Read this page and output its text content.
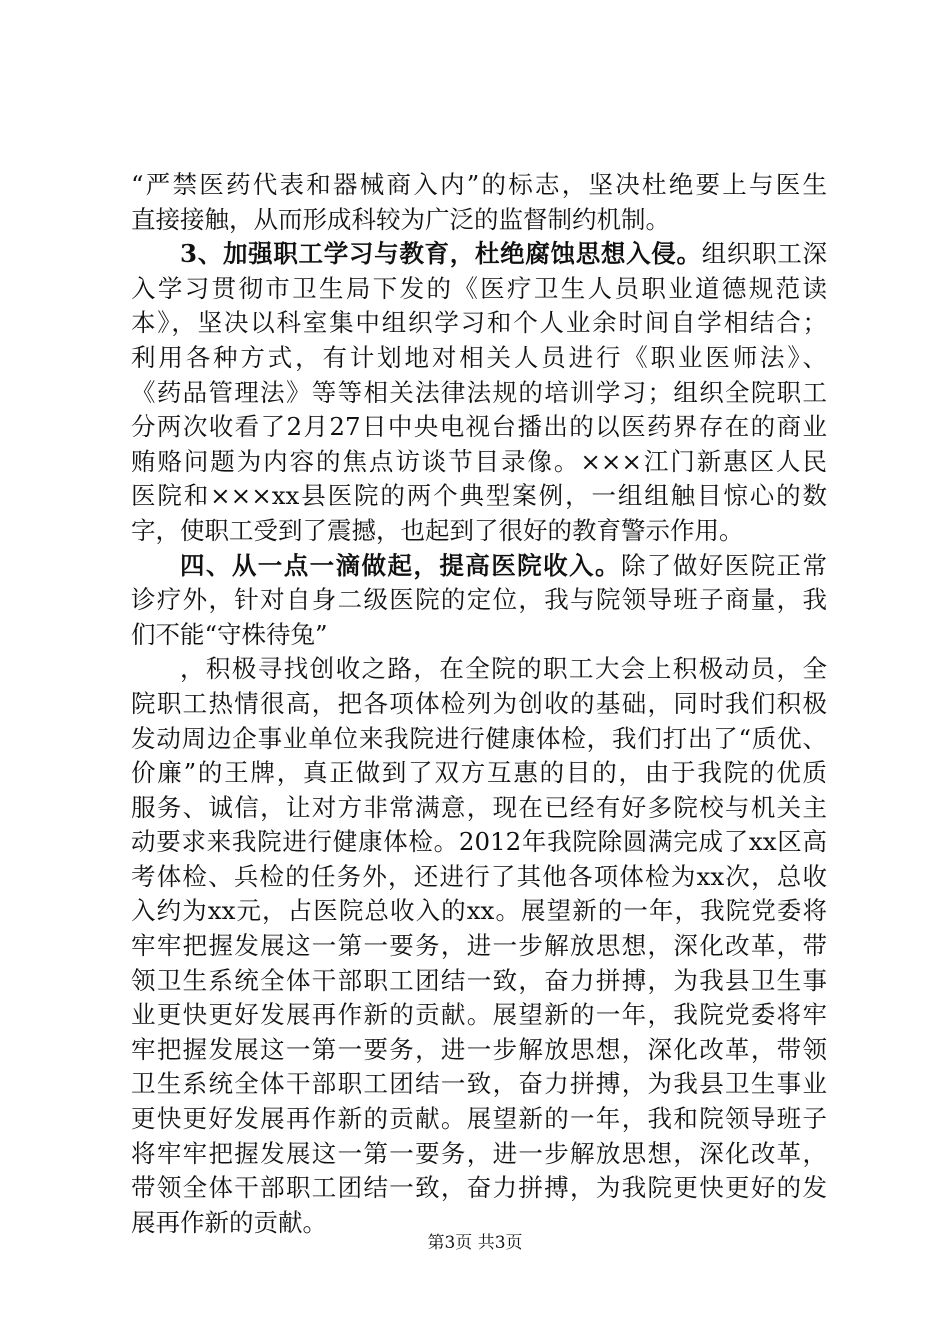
“严禁医药代表和器械商入内”的标志，坚决杜绝要上与医生
直接接触，从而形成科较为广泛的监督制约机制。
3、加强职工学习与教育，杜绝腐蚀思想入侵。组织职工深
入学习贯彻市卫生局下发的《医疗卫生人员职业道德规范读
本》，坚决以科室集中组织学习和个人业余时间自学相结合；
利用各种方式，有计划地对相关人员进行《职业医师法》、
《药品管理法》等等相关法律法规的培训学习；组织全院职工
分两次收看了2月27日中央电视台播出的以医药界存在的商业
贿赂问题为内容的焦点访谈节目录像。×××江门新惠区人民
医院和×××xx县医院的两个典型案例，一组组触目惊心的数
字，使职工受到了震撼，也起到了很好的教育警示作用。
四、从一点一滴做起，提高医院收入。除了做好医院正常
诊疗外，针对自身二级医院的定位，我与院领导班子商量，我
们不能“守株待兔”
，积极寻找创收之路，在全院的职工大会上积极动员，全
院职工热情很高，把各项体检列为创收的基础，同时我们积极
发动周边企事业单位来我院进行健康体检，我们打出了“质优、
价廉”的王牌，真正做到了双方互惠的目的，由于我院的优质
服务、诚信，让对方非常满意，现在已经有好多院校与机关主
动要求来我院进行健康体检。2012年我院除圆满完成了xx区高
考体检、兵检的任务外，还进行了其他各项体检为xx次，总收
入约为xx元，占医院总收入的xx。展望新的一年，我院党委将
牢牢把握发展这一第一要务，进一步解放思想，深化改革，带
领卫生系统全体干部职工团结一致，奋力拼搏，为我县卫生事
业更快更好发展再作新的贡献。展望新的一年，我院党委将牢
牢把握发展这一第一要务，进一步解放思想，深化改革，带领
卫生系统全体干部职工团结一致，奋力拼搏，为我县卫生事业
更快更好发展再作新的贡献。展望新的一年，我和院领导班子
将牢牢把握发展这一第一要务，进一步解放思想，深化改革，
带领全体干部职工团结一致，奋力拼搏，为我院更快更好的发
展再作新的贡献。
第3页 共3页
